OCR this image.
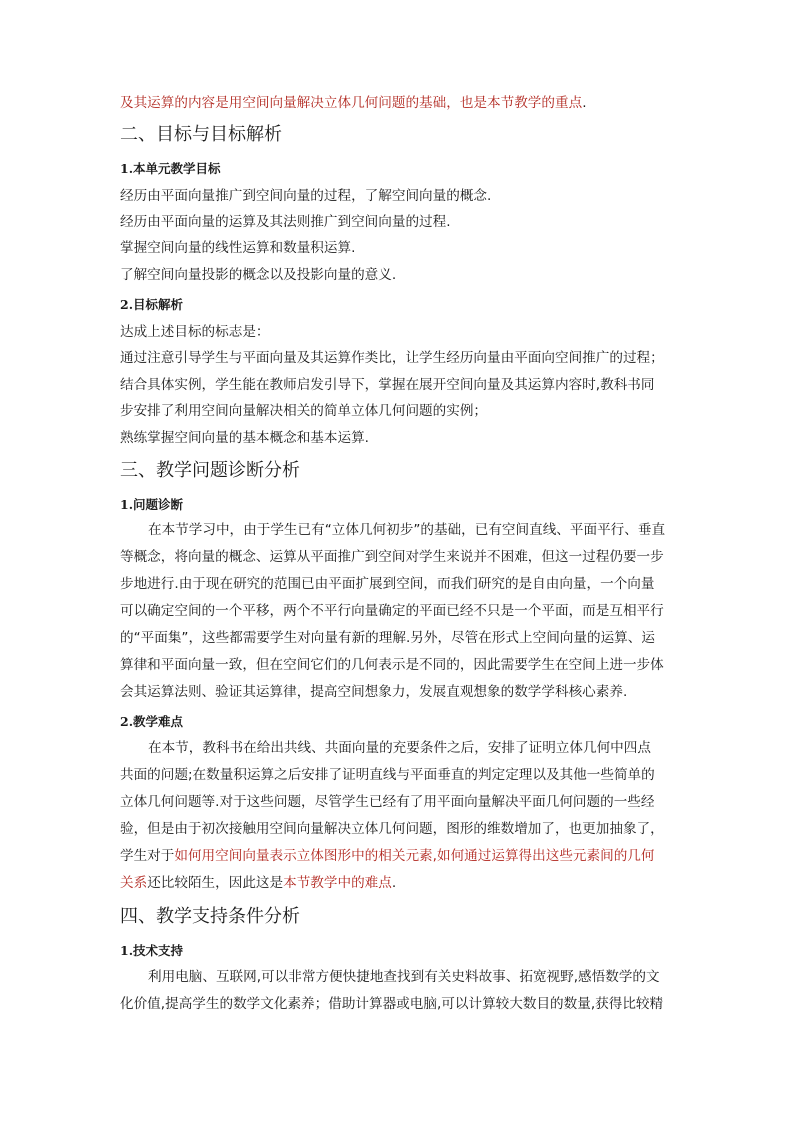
及其运算的内容是用空间向量解决立体几何问题的基础，也是本节教学的重点.
二、目标与目标解析
1.本单元教学目标
经历由平面向量推广到空间向量的过程，了解空间向量的概念.
经历由平面向量的运算及其法则推广到空间向量的过程.
掌握空间向量的线性运算和数量积运算.
了解空间向量投影的概念以及投影向量的意义.
2.目标解析
达成上述目标的标志是：
通过注意引导学生与平面向量及其运算作类比，让学生经历向量由平面向空间推广的过程；
结合具体实例，学生能在教师启发引导下，掌握在展开空间向量及其运算内容时,教科书同
步安排了利用空间向量解决相关的简单立体几何问题的实例；
熟练掌握空间向量的基本概念和基本运算.
三、教学问题诊断分析
1.问题诊断
在本节学习中，由于学生已有“立体几何初步”的基础，已有空间直线、平面平行、垂直
等概念，将向量的概念、运算从平面推广到空间对学生来说并不困难，但这一过程仍要一步
步地进行.由于现在研究的范围已由平面扩展到空间，而我们研究的是自由向量，一个向量
可以确定空间的一个平移，两个不平行向量确定的平面已经不只是一个平面，而是互相平行
的“平面集”，这些都需要学生对向量有新的理解.另外，尽管在形式上空间向量的运算、运
算律和平面向量一致，但在空间它们的几何表示是不同的，因此需要学生在空间上进一步体
会其运算法则、验证其运算律，提高空间想象力，发展直观想象的数学学科核心素养.
2.教学难点
在本节，教科书在给出共线、共面向量的充要条件之后，安排了证明立体几何中四点
共面的问题;在数量积运算之后安排了证明直线与平面垂直的判定定理以及其他一些简单的
立体几何问题等.对于这些问题，尽管学生已经有了用平面向量解决平面几何问题的一些经
验，但是由于初次接触用空间向量解决立体几何问题，图形的维数增加了，也更加抽象了，
学生对于如何用空间向量表示立体图形中的相关元素,如何通过运算得出这些元素间的几何
关系还比较陌生，因此这是本节教学中的难点.
四、教学支持条件分析
1.技术支持
利用电脑、互联网,可以非常方便快捷地查找到有关史料故事、拓宽视野,感悟数学的文
化价值,提高学生的数学文化素养；借助计算器或电脑,可以计算较大数目的数量,获得比较精
